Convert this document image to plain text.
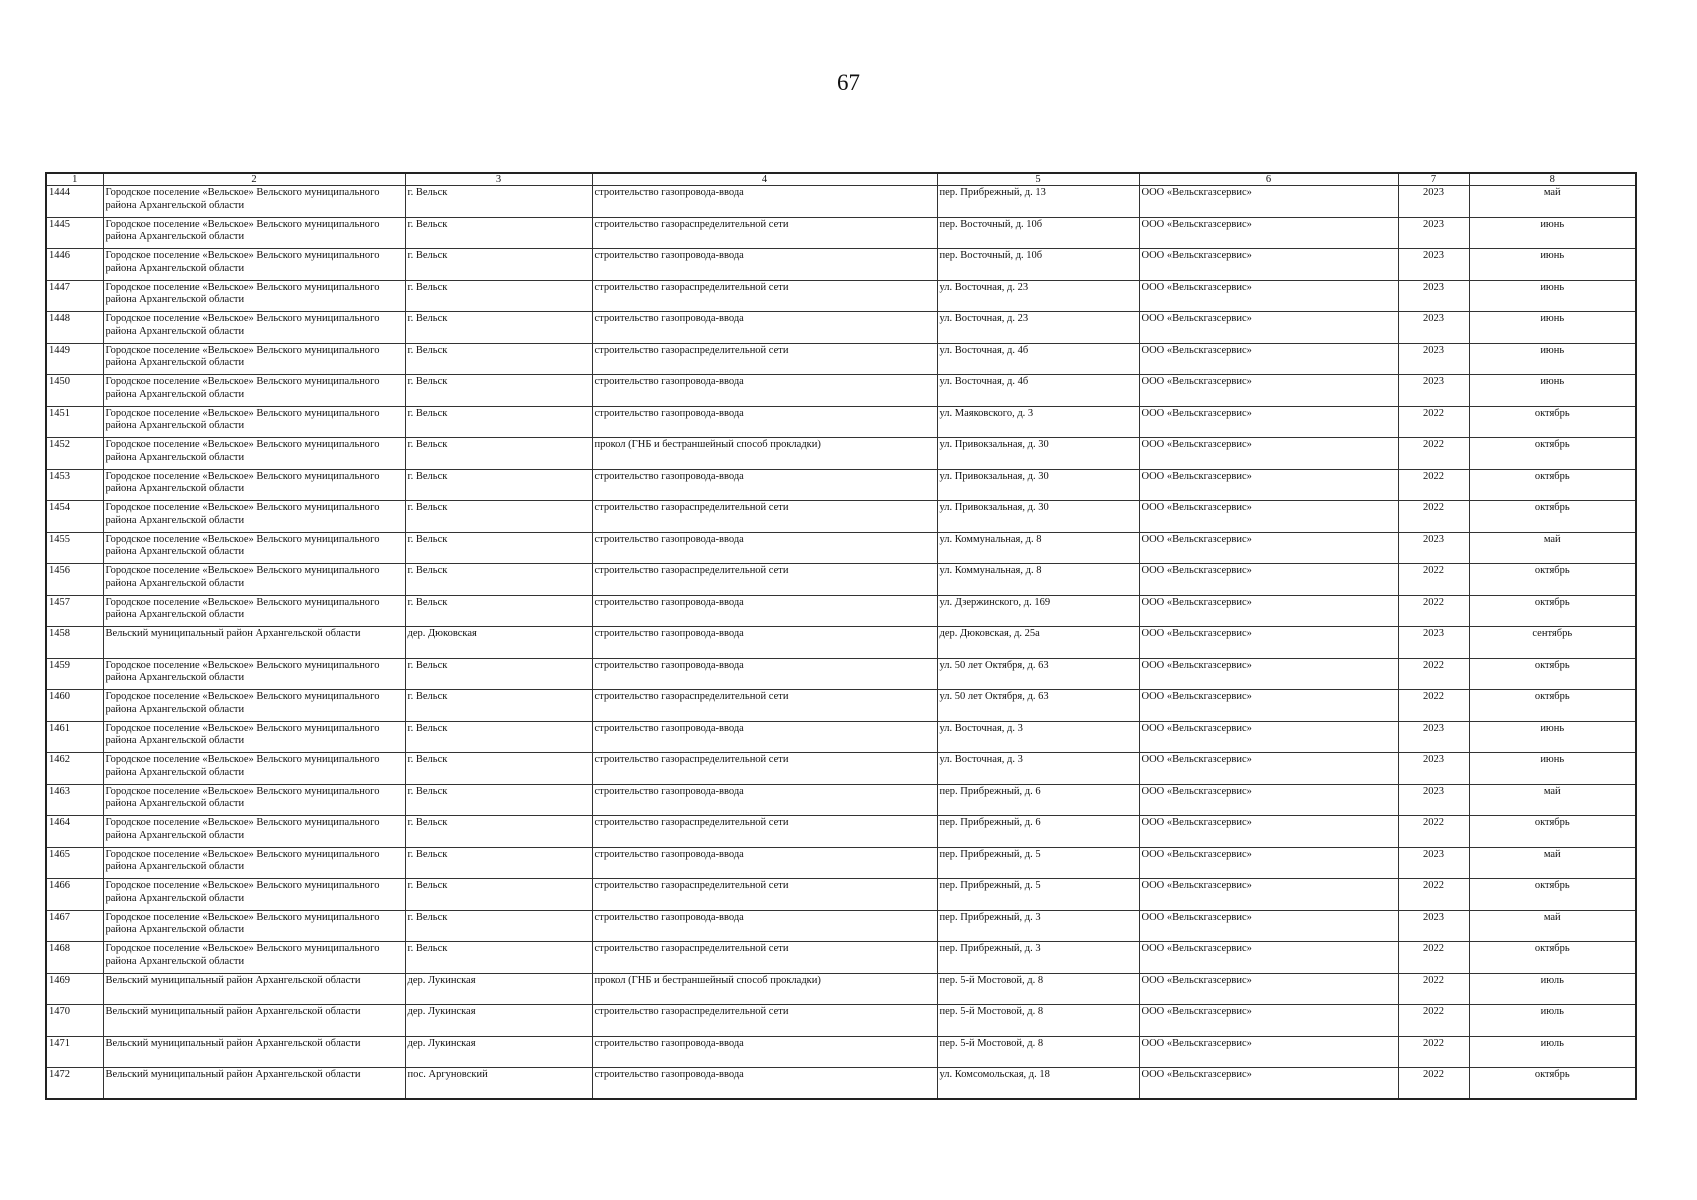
67
1	2	3	4	5	6	7	8
1444	Городское поселение «Вельское» Вельского муниципального района Архангельской области	г. Вельск	строительство газопровода-ввода	пер. Прибрежный, д. 13	ООО «Вельскгазсервис»	2023	май
1445	Городское поселение «Вельское» Вельского муниципального района Архангельской области	г. Вельск	строительство газораспределительной сети	пер. Восточный, д. 10б	ООО «Вельскгазсервис»	2023	июнь
1446	Городское поселение «Вельское» Вельского муниципального района Архангельской области	г. Вельск	строительство газопровода-ввода	пер. Восточный, д. 10б	ООО «Вельскгазсервис»	2023	июнь
1447	Городское поселение «Вельское» Вельского муниципального района Архангельской области	г. Вельск	строительство газораспределительной сети	ул. Восточная, д. 23	ООО «Вельскгазсервис»	2023	июнь
1448	Городское поселение «Вельское» Вельского муниципального района Архангельской области	г. Вельск	строительство газопровода-ввода	ул. Восточная, д. 23	ООО «Вельскгазсервис»	2023	июнь
1449	Городское поселение «Вельское» Вельского муниципального района Архангельской области	г. Вельск	строительство газораспределительной сети	ул. Восточная, д. 4б	ООО «Вельскгазсервис»	2023	июнь
1450	Городское поселение «Вельское» Вельского муниципального района Архангельской области	г. Вельск	строительство газопровода-ввода	ул. Восточная, д. 4б	ООО «Вельскгазсервис»	2023	июнь
1451	Городское поселение «Вельское» Вельского муниципального района Архангельской области	г. Вельск	строительство газопровода-ввода	ул. Маяковского, д. 3	ООО «Вельскгазсервис»	2022	октябрь
1452	Городское поселение «Вельское» Вельского муниципального района Архангельской области	г. Вельск	прокол (ГНБ и бестраншейный способ прокладки)	ул. Привокзальная, д. 30	ООО «Вельскгазсервис»	2022	октябрь
1453	Городское поселение «Вельское» Вельского муниципального района Архангельской области	г. Вельск	строительство газопровода-ввода	ул. Привокзальная, д. 30	ООО «Вельскгазсервис»	2022	октябрь
1454	Городское поселение «Вельское» Вельского муниципального района Архангельской области	г. Вельск	строительство газораспределительной сети	ул. Привокзальная, д. 30	ООО «Вельскгазсервис»	2022	октябрь
1455	Городское поселение «Вельское» Вельского муниципального района Архангельской области	г. Вельск	строительство газопровода-ввода	ул. Коммунальная, д. 8	ООО «Вельскгазсервис»	2023	май
1456	Городское поселение «Вельское» Вельского муниципального района Архангельской области	г. Вельск	строительство газораспределительной сети	ул. Коммунальная, д. 8	ООО «Вельскгазсервис»	2022	октябрь
1457	Городское поселение «Вельское» Вельского муниципального района Архангельской области	г. Вельск	строительство газопровода-ввода	ул. Дзержинского, д. 169	ООО «Вельскгазсервис»	2022	октябрь
1458	Вельский муниципальный район Архангельской области	дер. Дюковская	строительство газопровода-ввода	дер. Дюковская, д. 25а	ООО «Вельскгазсервис»	2023	сентябрь
1459	Городское поселение «Вельское» Вельского муниципального района Архангельской области	г. Вельск	строительство газопровода-ввода	ул. 50 лет Октября, д. 63	ООО «Вельскгазсервис»	2022	октябрь
1460	Городское поселение «Вельское» Вельского муниципального района Архангельской области	г. Вельск	строительство газораспределительной сети	ул. 50 лет Октября, д. 63	ООО «Вельскгазсервис»	2022	октябрь
1461	Городское поселение «Вельское» Вельского муниципального района Архангельской области	г. Вельск	строительство газопровода-ввода	ул. Восточная, д. 3	ООО «Вельскгазсервис»	2023	июнь
1462	Городское поселение «Вельское» Вельского муниципального района Архангельской области	г. Вельск	строительство газораспределительной сети	ул. Восточная, д. 3	ООО «Вельскгазсервис»	2023	июнь
1463	Городское поселение «Вельское» Вельского муниципального района Архангельской области	г. Вельск	строительство газопровода-ввода	пер. Прибрежный, д. 6	ООО «Вельскгазсервис»	2023	май
1464	Городское поселение «Вельское» Вельского муниципального района Архангельской области	г. Вельск	строительство газораспределительной сети	пер. Прибрежный, д. 6	ООО «Вельскгазсервис»	2022	октябрь
1465	Городское поселение «Вельское» Вельского муниципального района Архангельской области	г. Вельск	строительство газопровода-ввода	пер. Прибрежный, д. 5	ООО «Вельскгазсервис»	2023	май
1466	Городское поселение «Вельское» Вельского муниципального района Архангельской области	г. Вельск	строительство газораспределительной сети	пер. Прибрежный, д. 5	ООО «Вельскгазсервис»	2022	октябрь
1467	Городское поселение «Вельское» Вельского муниципального района Архангельской области	г. Вельск	строительство газопровода-ввода	пер. Прибрежный, д. 3	ООО «Вельскгазсервис»	2023	май
1468	Городское поселение «Вельское» Вельского муниципального района Архангельской области	г. Вельск	строительство газораспределительной сети	пер. Прибрежный, д. 3	ООО «Вельскгазсервис»	2022	октябрь
1469	Вельский муниципальный район Архангельской области	дер. Лукинская	прокол (ГНБ и бестраншейный способ прокладки)	пер. 5-й Мостовой, д. 8	ООО «Вельскгазсервис»	2022	июль
1470	Вельский муниципальный район Архангельской области	дер. Лукинская	строительство газораспределительной сети	пер. 5-й Мостовой, д. 8	ООО «Вельскгазсервис»	2022	июль
1471	Вельский муниципальный район Архангельской области	дер. Лукинская	строительство газопровода-ввода	пер. 5-й Мостовой, д. 8	ООО «Вельскгазсервис»	2022	июль
1472	Вельский муниципальный район Архангельской области	пос. Аргуновский	строительство газопровода-ввода	ул. Комсомольская, д. 18	ООО «Вельскгазсервис»	2022	октябрь
